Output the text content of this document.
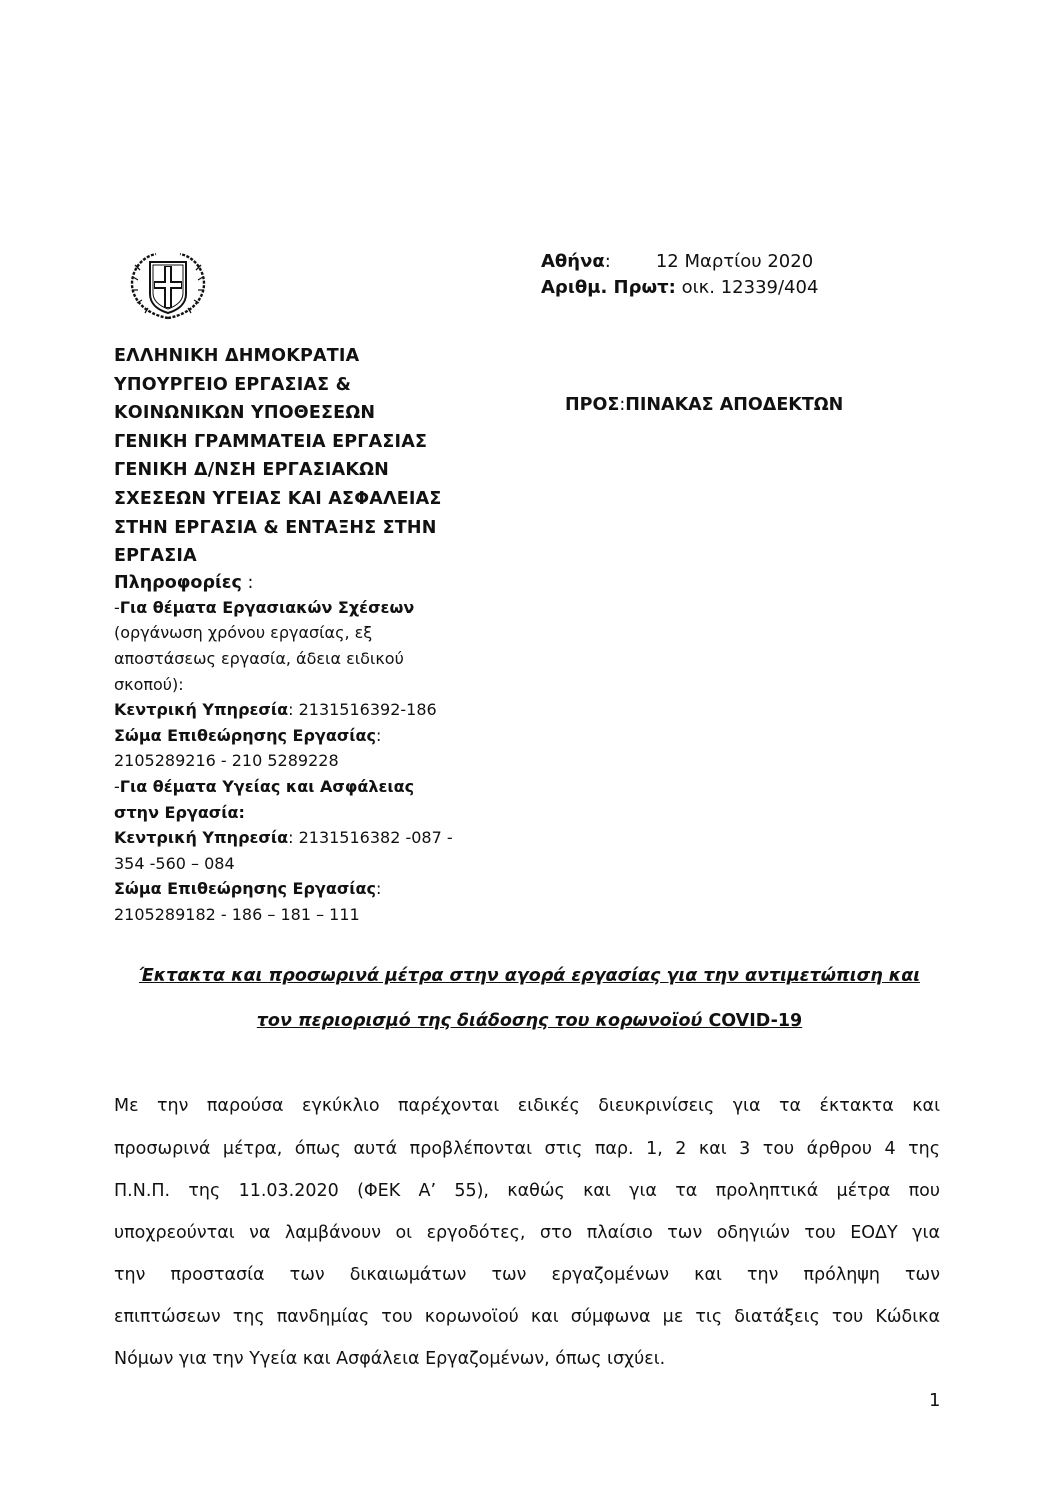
Αθήνα:	12 Μαρτίου 2020
Αριθμ. Πρωτ: οικ. 12339/404
ΠΡΟΣ:ΠΙΝΑΚΑΣ ΑΠΟΔΕΚΤΩΝ
ΕΛΛΗΝΙΚΗ ΔΗΜΟΚΡΑΤΙΑ
ΥΠΟΥΡΓΕΙΟ ΕΡΓΑΣΙΑΣ &
ΚΟΙΝΩΝΙΚΩΝ ΥΠΟΘΕΣΕΩΝ
ΓΕΝΙΚΗ ΓΡΑΜΜΑΤΕΙΑ ΕΡΓΑΣΙΑΣ
ΓΕΝΙΚΗ Δ/ΝΣΗ ΕΡΓΑΣΙΑΚΩΝ
ΣΧΕΣΕΩΝ ΥΓΕΙΑΣ ΚΑΙ ΑΣΦΑΛΕΙΑΣ
ΣΤΗΝ ΕΡΓΑΣΙΑ & ΕΝΤΑΞΗΣ ΣΤΗΝ
ΕΡΓΑΣΙΑ
Πληροφορίες :
-Για θέματα Εργασιακών Σχέσεων
(οργάνωση χρόνου εργασίας, εξ
αποστάσεως εργασία, άδεια ειδικού
σκοπού):
Κεντρική Υπηρεσία: 2131516392-186
Σώμα Επιθεώρησης Εργασίας:
2105289216 - 210 5289228
-Για θέματα Υγείας και Ασφάλειας
στην Εργασία:
Κεντρική Υπηρεσία: 2131516382 -087 -
354 -560 – 084
Σώμα Επιθεώρησης Εργασίας:
2105289182 - 186 – 181 – 111
Έκτακτα και προσωρινά μέτρα στην αγορά εργασίας για την αντιμετώπιση και
τον περιορισμό της διάδοσης του κορωνοϊού COVID-19
Με την παρούσα εγκύκλιο παρέχονται ειδικές διευκρινίσεις για τα έκτακτα και
προσωρινά μέτρα, όπως αυτά προβλέπονται στις παρ. 1, 2 και 3 του άρθρου 4 της
Π.Ν.Π. της 11.03.2020 (ΦΕΚ Α’ 55), καθώς και για τα προληπτικά μέτρα που
υποχρεούνται να λαμβάνουν οι εργοδότες, στο πλαίσιο των οδηγιών του ΕΟΔΥ για
την προστασία των δικαιωμάτων των εργαζομένων και την πρόληψη των
επιπτώσεων της πανδημίας του κορωνοϊού και σύμφωνα με τις διατάξεις του Κώδικα
Νόμων για την Υγεία και Ασφάλεια Εργαζομένων, όπως ισχύει.
1
